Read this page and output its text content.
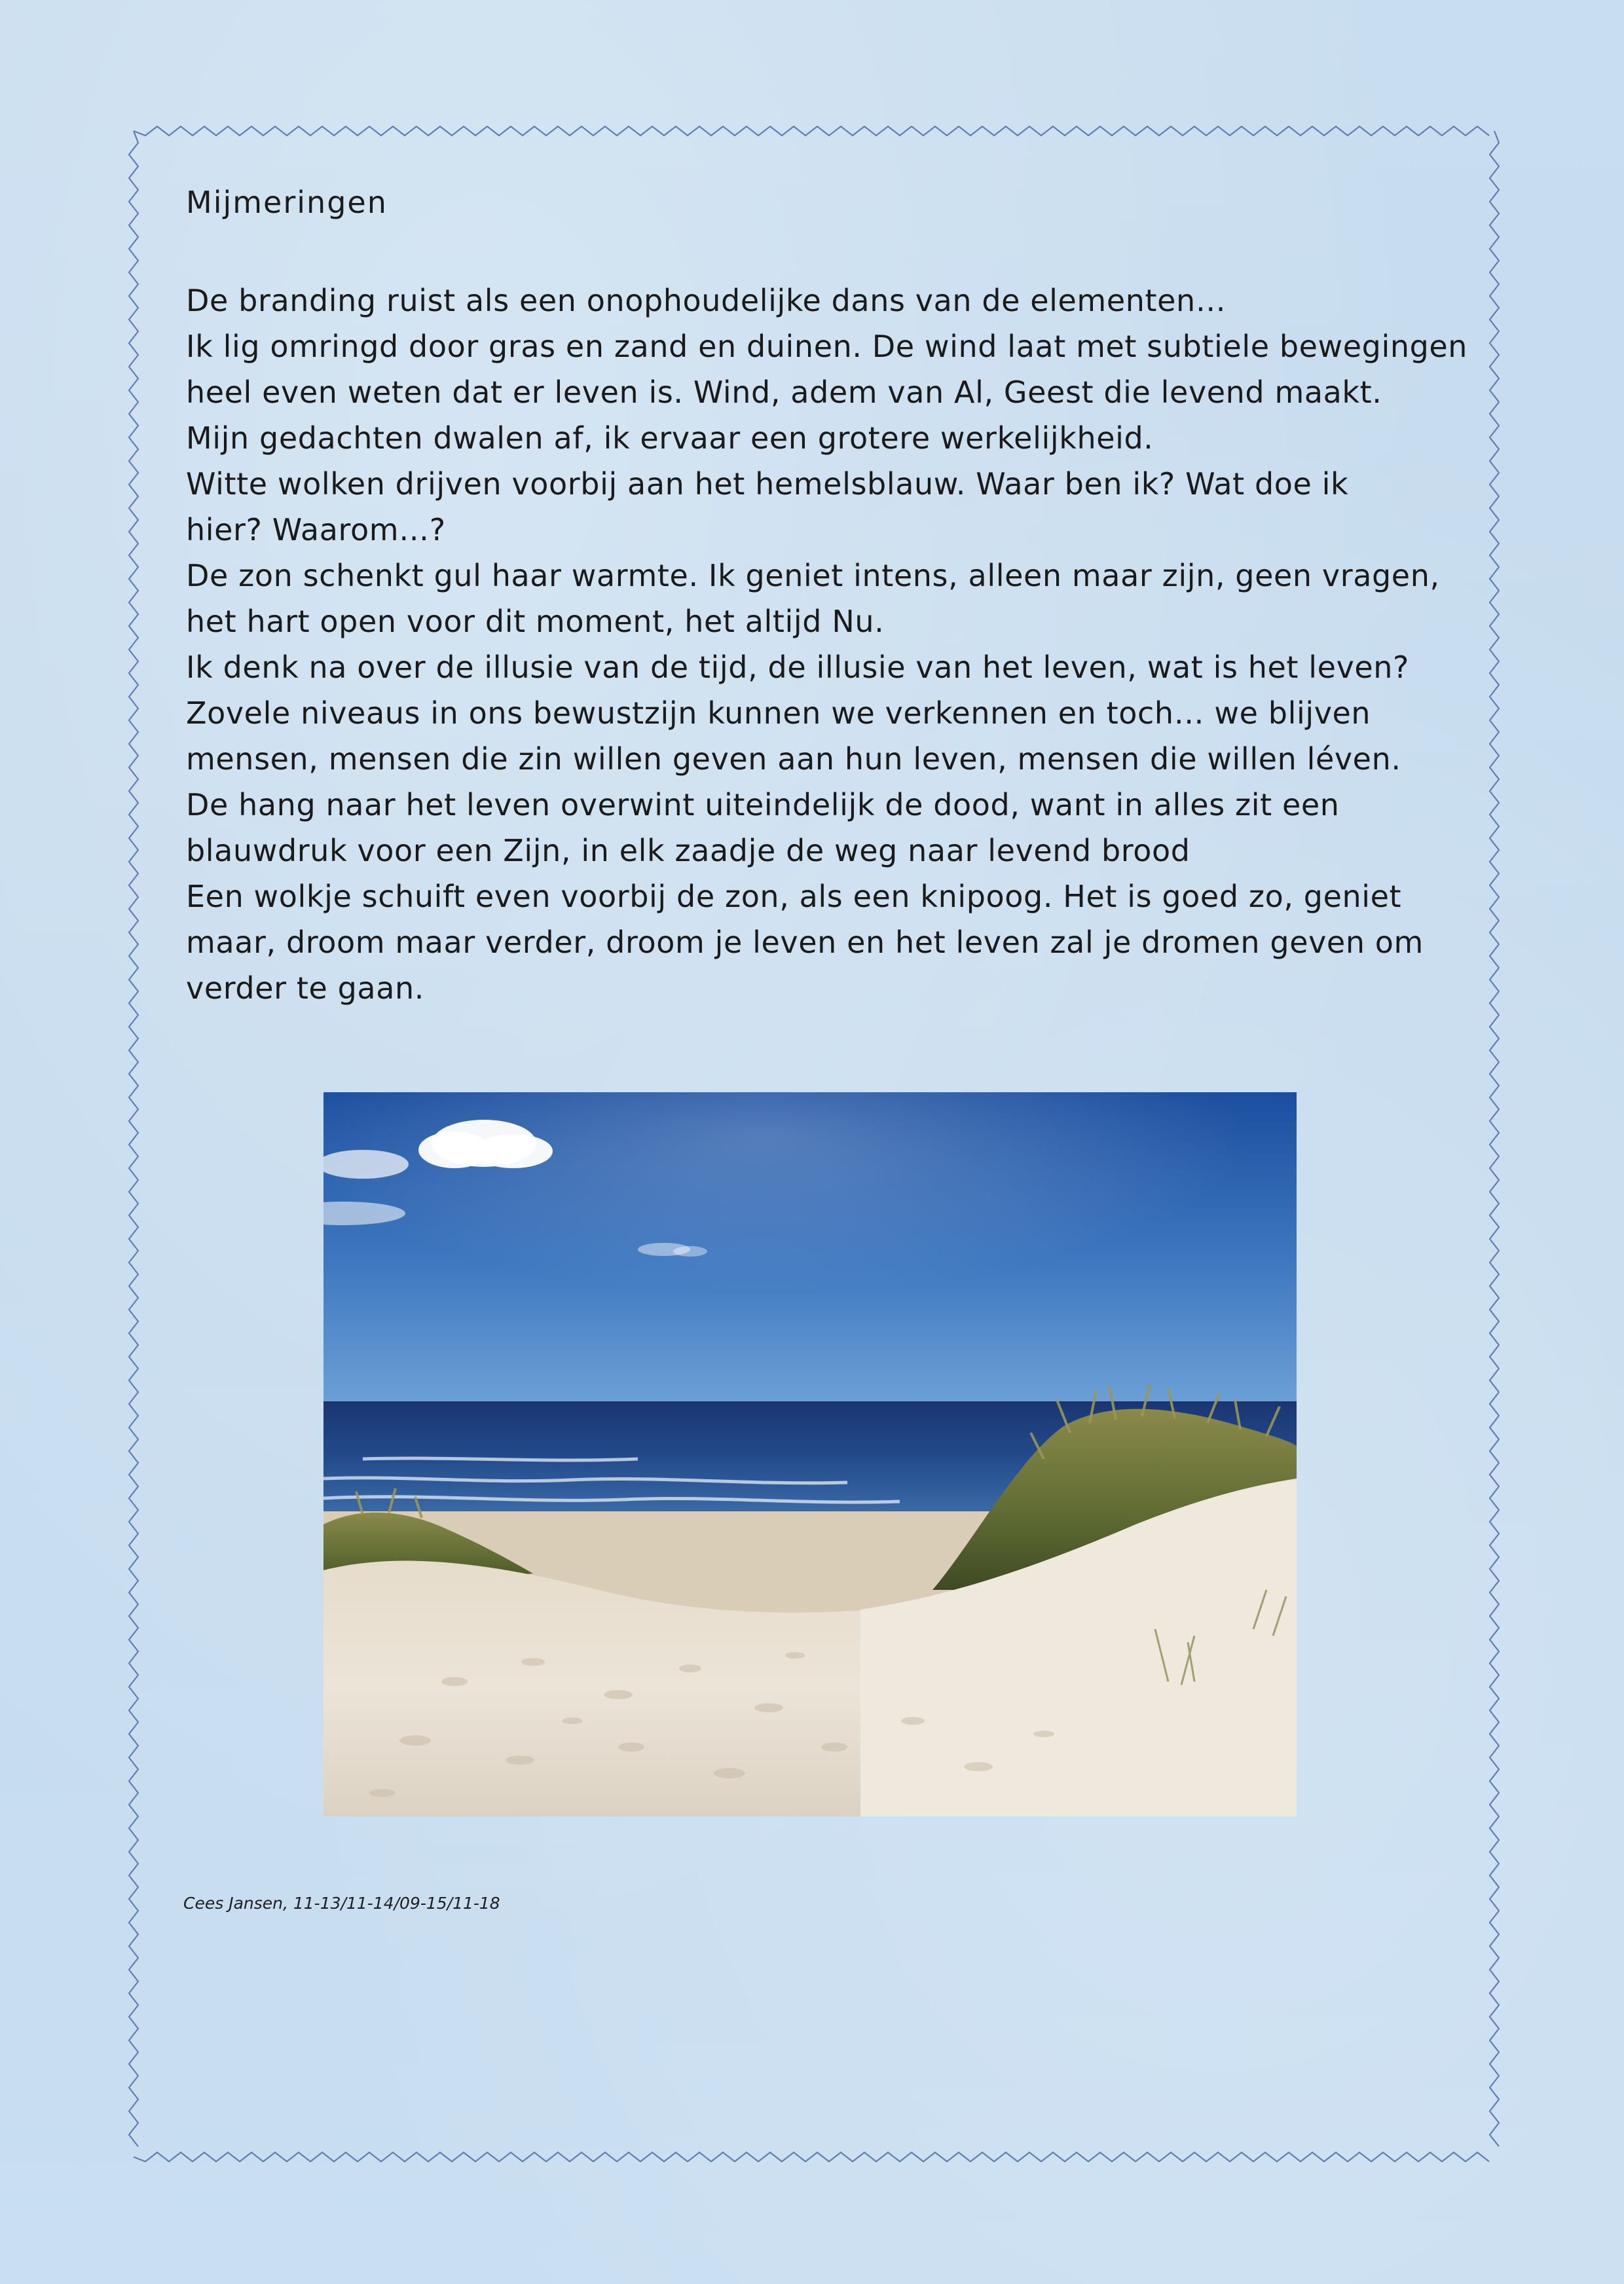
Mijmeringen
De branding ruist als een onophoudelijke dans van de elementen…
Ik lig omringd door gras en zand en duinen. De wind laat met subtiele bewegingen
heel even weten dat er leven is. Wind, adem van Al, Geest die levend maakt.
Mijn gedachten dwalen af, ik ervaar een grotere werkelijkheid.
Witte wolken drijven voorbij aan het hemelsblauw. Waar ben ik? Wat doe ik
hier? Waarom…?
De zon schenkt gul haar warmte. Ik geniet intens, alleen maar zijn, geen vragen,
het hart open voor dit moment, het altijd Nu.
Ik denk na over de illusie van de tijd, de illusie van het leven, wat is het leven?
Zovele niveaus in ons bewustzijn kunnen we verkennen en toch… we blijven
mensen, mensen die zin willen geven aan hun leven, mensen die willen léven.
De hang naar het leven overwint uiteindelijk de dood, want in alles zit een
blauwdruk voor een Zijn, in elk zaadje de weg naar levend brood
Een wolkje schuift even voorbij de zon, als een knipoog. Het is goed zo, geniet
maar, droom maar verder, droom je leven en het leven zal je dromen geven om
verder te gaan.
Cees Jansen, 11-13/11-14/09-15/11-18
